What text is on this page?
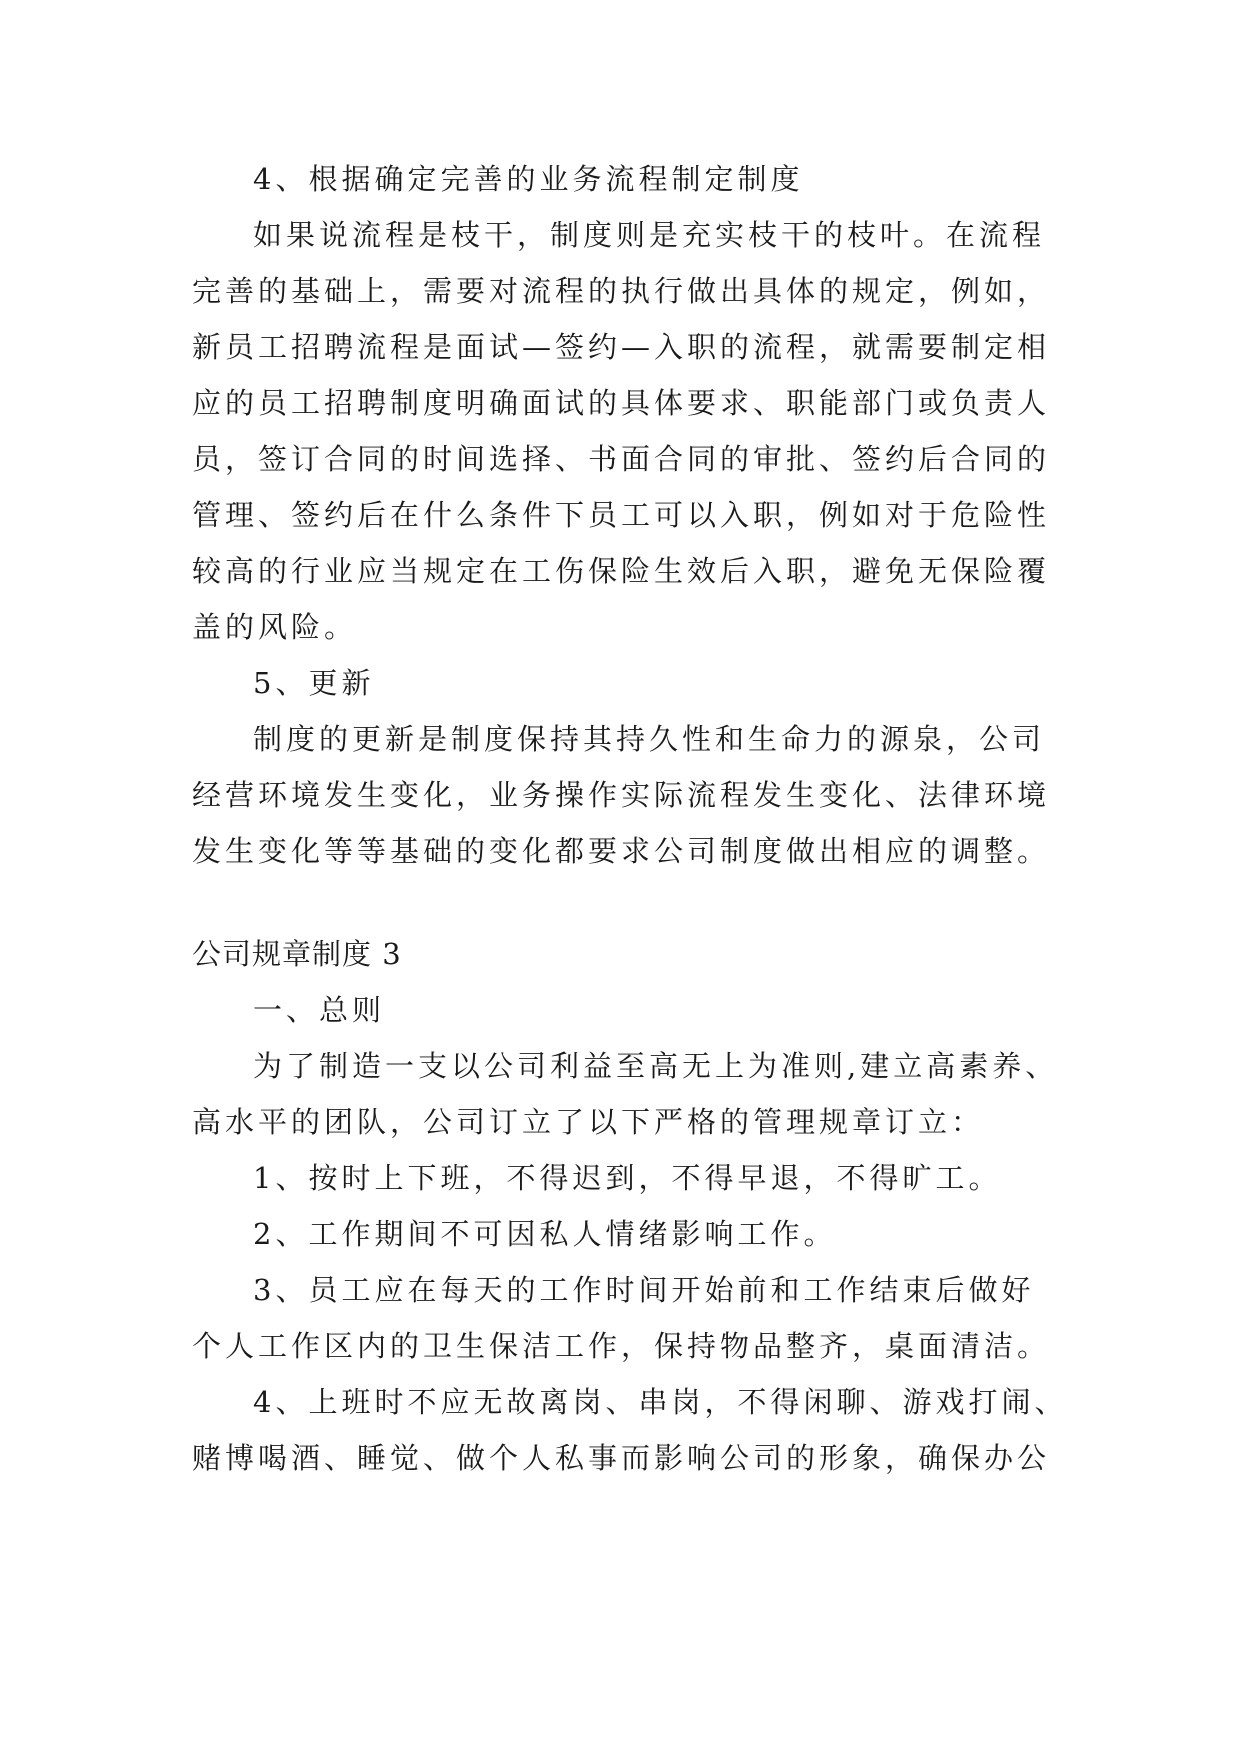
4、根据确定完善的业务流程制定制度
如果说流程是枝干，制度则是充实枝干的枝叶。在流程
完善的基础上，需要对流程的执行做出具体的规定，例如，
新员工招聘流程是面试—签约—入职的流程，就需要制定相
应的员工招聘制度明确面试的具体要求、职能部门或负责人
员，签订合同的时间选择、书面合同的审批、签约后合同的
管理、签约后在什么条件下员工可以入职，例如对于危险性
较高的行业应当规定在工伤保险生效后入职，避免无保险覆
盖的风险。
5、更新
制度的更新是制度保持其持久性和生命力的源泉，公司
经营环境发生变化，业务操作实际流程发生变化、法律环境
发生变化等等基础的变化都要求公司制度做出相应的调整。
公司规章制度 3
一、总则
为了制造一支以公司利益至高无上为准则,建立高素养、
高水平的团队，公司订立了以下严格的管理规章订立：
1、按时上下班，不得迟到，不得早退，不得旷工。
2、工作期间不可因私人情绪影响工作。
3、员工应在每天的工作时间开始前和工作结束后做好
个人工作区内的卫生保洁工作，保持物品整齐，桌面清洁。
4、上班时不应无故离岗、串岗，不得闲聊、游戏打闹、
赌博喝酒、睡觉、做个人私事而影响公司的形象，确保办公
